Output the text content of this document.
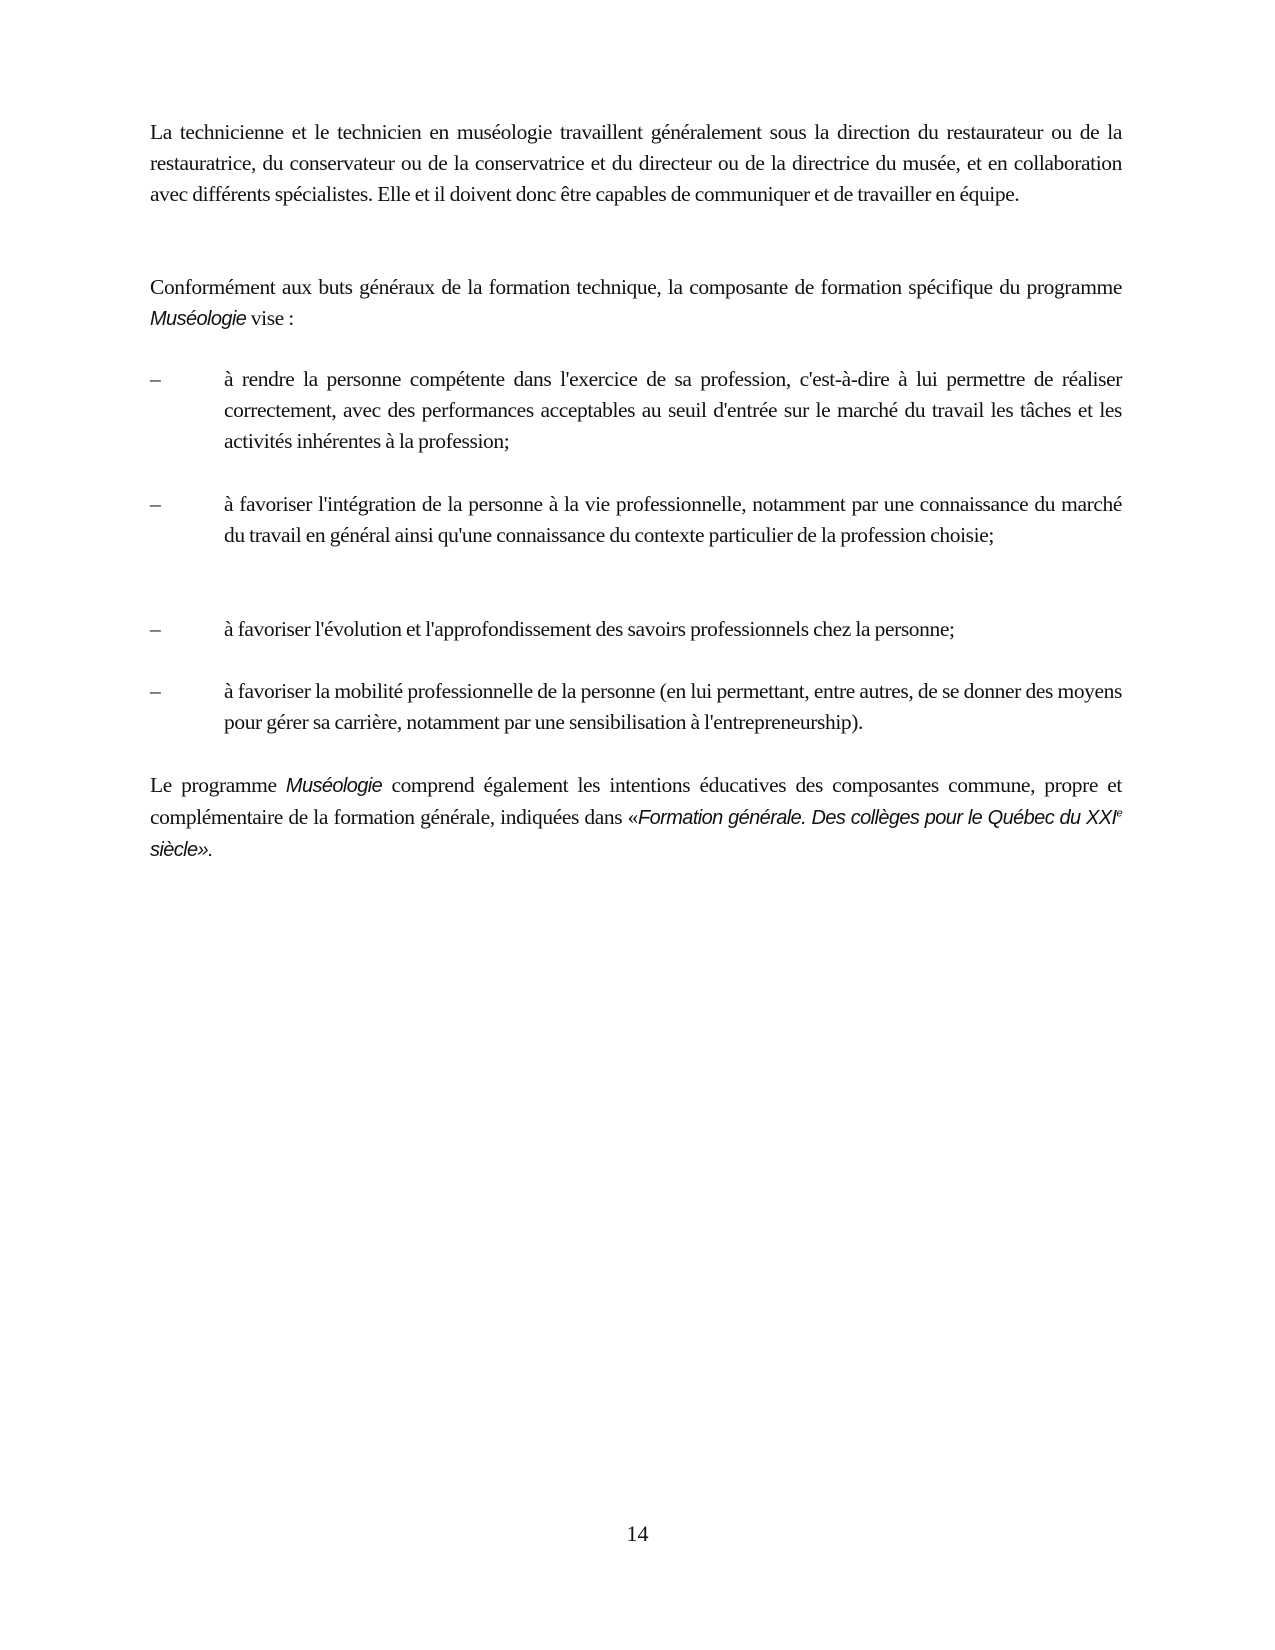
La technicienne et le technicien en muséologie travaillent généralement sous la direction du restaurateur ou de la restauratrice, du conservateur ou de la conservatrice et du directeur ou de la directrice du musée, et en collaboration avec différents spécialistes. Elle et il doivent donc être capables de communiquer et de travailler en équipe.

Conformément aux buts généraux de la formation technique, la composante de formation spécifique du programme Muséologie vise :

–	à rendre la personne compétente dans l'exercice de sa profession, c'est-à-dire à lui permettre de réaliser correctement, avec des performances acceptables au seuil d'entrée sur le marché du travail les tâches et les activités inhérentes à la profession;
–	à favoriser l'intégration de la personne à la vie professionnelle, notamment par une connaissance du marché du travail en général ainsi qu'une connaissance du contexte particulier de la profession choisie;
–	à favoriser l'évolution et l'approfondissement des savoirs professionnels chez la personne;
–	à favoriser la mobilité professionnelle de la personne (en lui permettant, entre autres, de se donner des moyens pour gérer sa carrière, notamment par une sensibilisation à l'entrepreneurship).

Le programme Muséologie comprend également les intentions éducatives des composantes commune, propre et complémentaire de la formation générale, indiquées dans «Formation générale. Des collèges pour le Québec du XXIe siècle».

14
